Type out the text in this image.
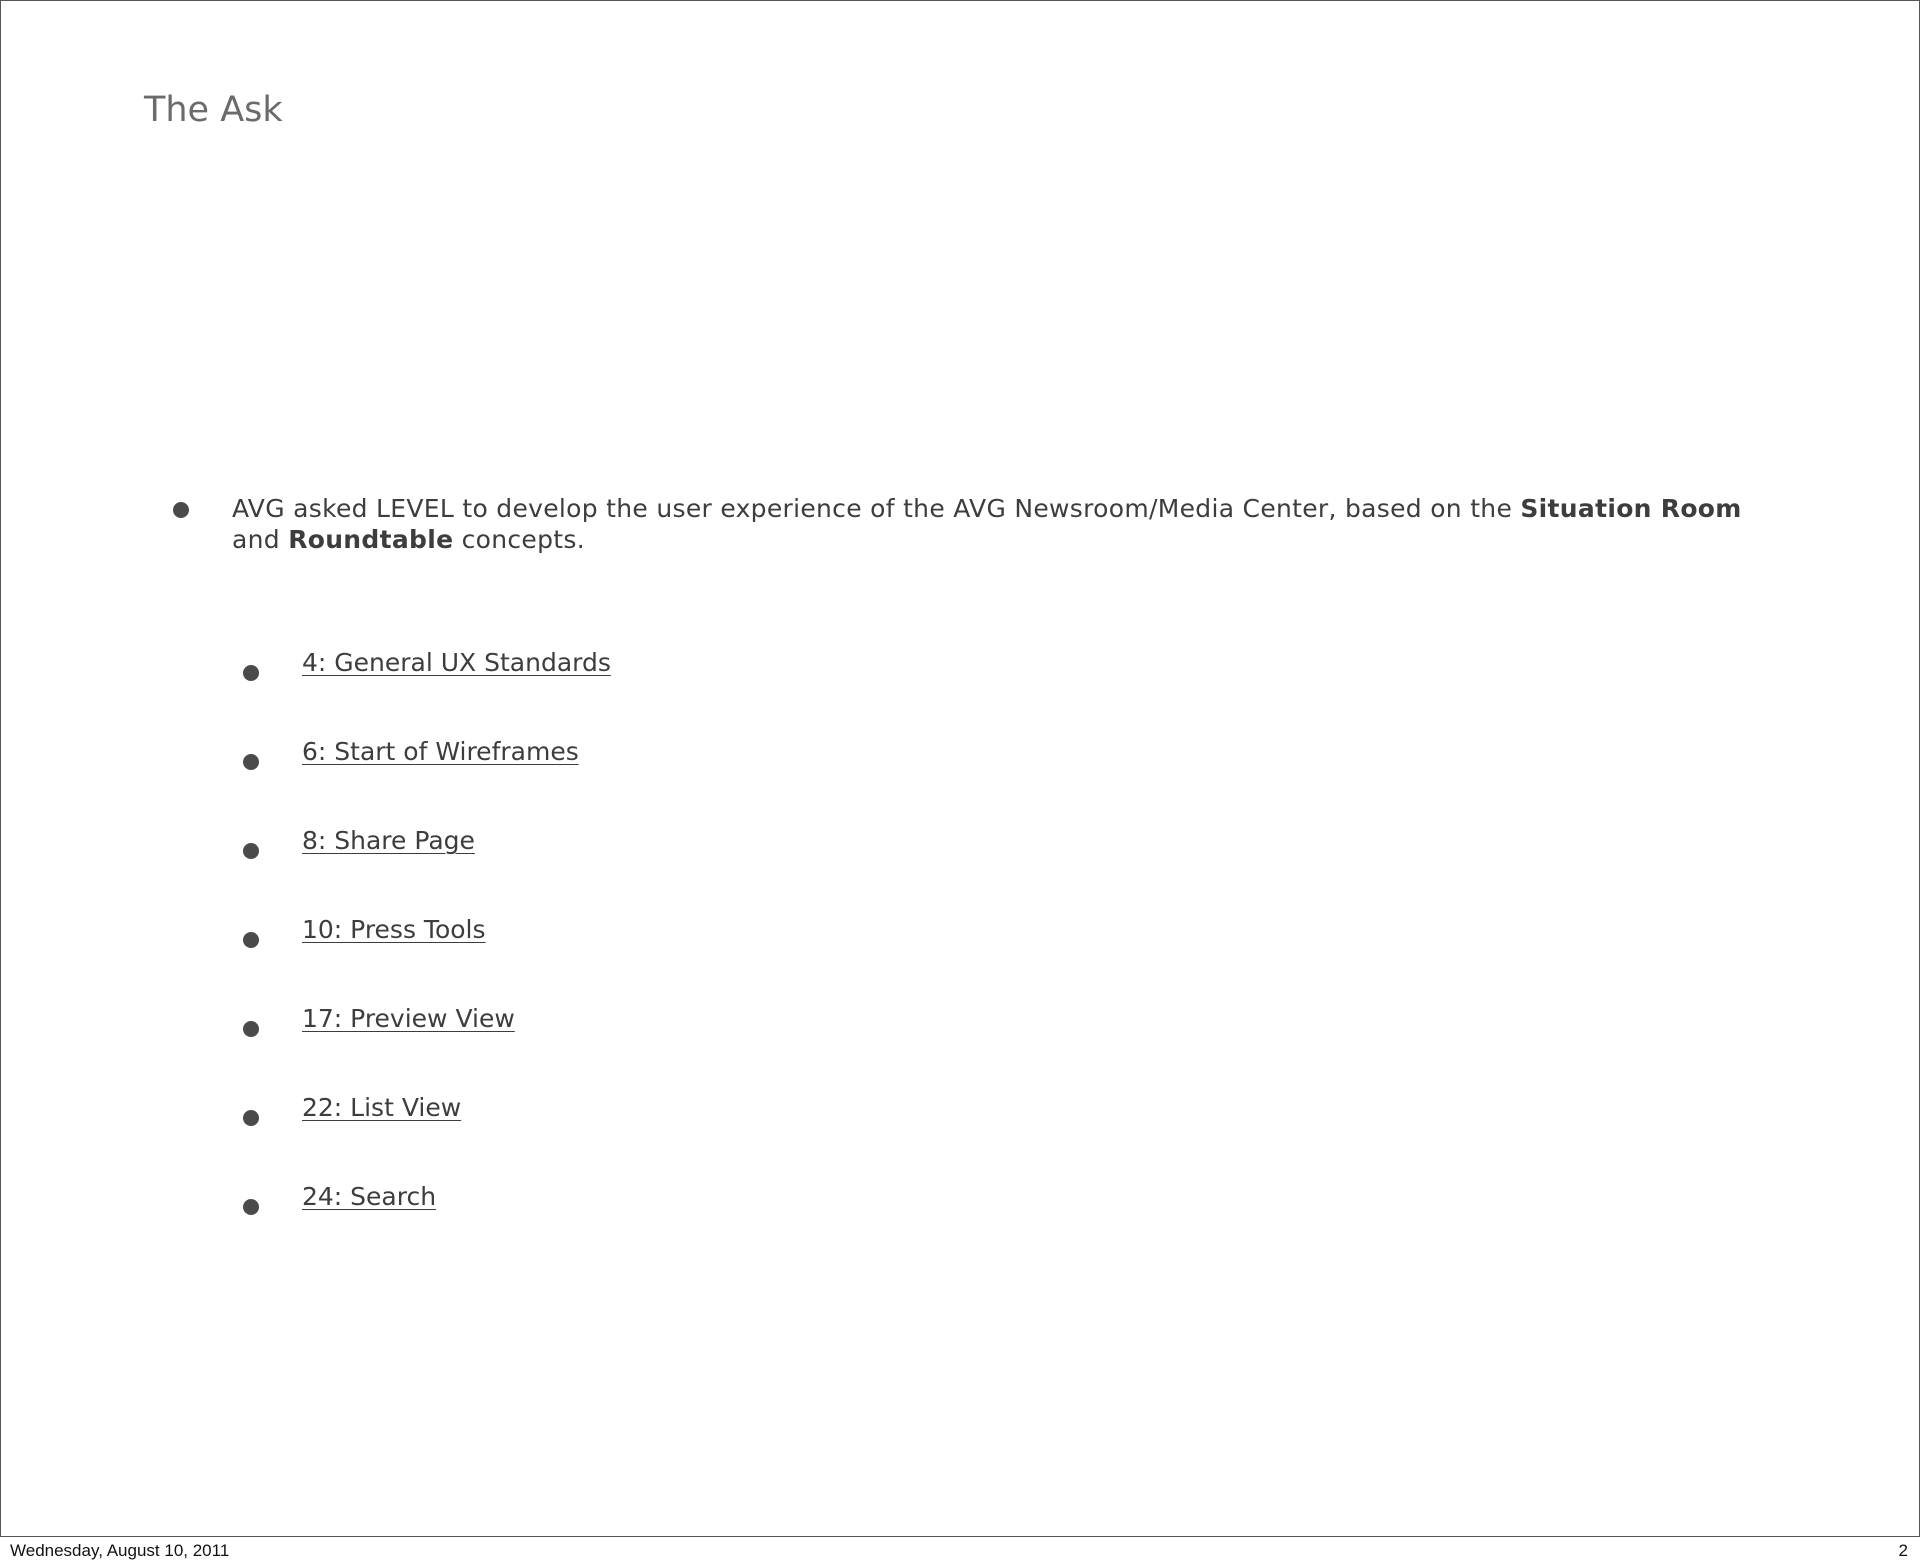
The Ask
AVG asked LEVEL to develop the user experience of the AVG Newsroom/Media Center, based on the Situation Room and Roundtable concepts.
4: General UX Standards
6: Start of Wireframes
8: Share Page
10: Press Tools
17: Preview View
22: List View
24: Search
Wednesday, August 10, 2011	2
